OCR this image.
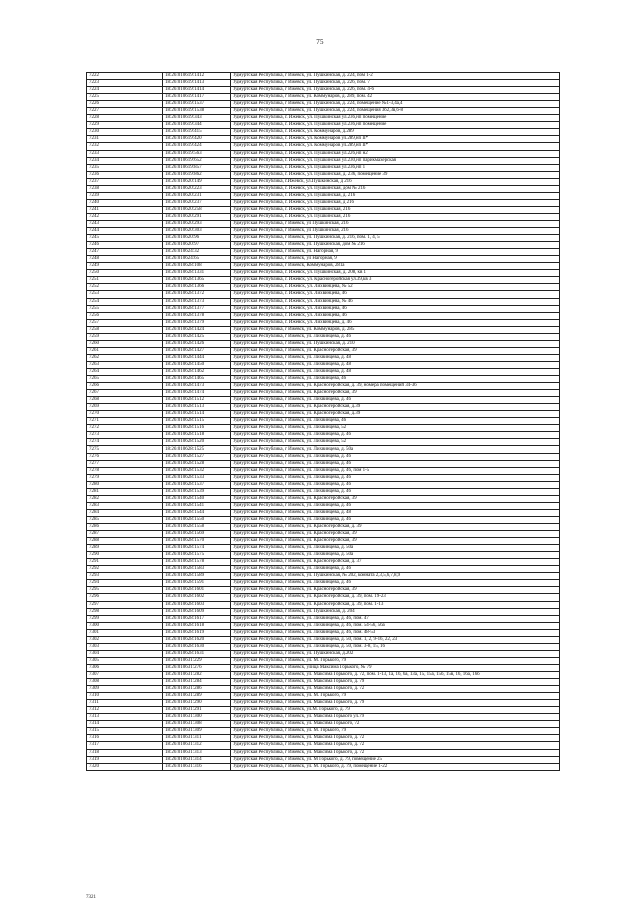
75
7222	18:26:010619:1412	Удмуртская Республика, г Ижевск, ул. Пушкинская, д. 224, пом 1-2
7223	18:26:010619:1413	Удмуртская Республика, г Ижевск, ул. Пушкинская, д. 226, пом. 7
7224	18:26:010619:1414	Удмуртская Республика, г Ижевск, ул. Пушкинская, д. 226, пом. 4-6
7225	18:26:010619:1417	Удмуртская Республика, г Ижевск, ул. Коммунаров, д. 289, пом. 42
7226	18:26:010619:1537	Удмуртская Республика, г Ижевск, ул. Пушкинская, д. 224, помещение №1-3,4а,4
7227	18:26:010619:1538	Удмуртская Республика, г Ижевск, ул. Пушкинская, д. 224, помещения 3б2,3в,6-8
7228	18:26:010619:343	Удмуртская Республика, г. Ижевск, ул. Пушкинская ул.236,нп помещение
7229	18:26:010619:344	Удмуртская Республика, г. Ижевск, ул. Пушкинская ул.236,нп помещение
7230	18:26:010619:415	Удмуртская Республика, г. Ижевск, ул. Коммунаров, д.289
7231	18:26:010619:420	Удмуртская Республика, г. Ижевск, ул. Коммунаров ул.289,нп II*
7232	18:26:010619:424	Удмуртская Республика, г. Ижевск, ул. Коммунаров ул.289,нп II*
7233	18:26:010619:563	Удмуртская Республика, г. Ижевск, ул. Пушкинская ул.226,нп н2
7234	18:26:010619:652	Удмуртская Республика, г. Ижевск, ул. Пушкинская ул.230,нп парикмахерская
7235	18:26:010619:857	Удмуртская Республика, г. Ижевск, ул. Пушкинская ул.236,нп 1
7236	18:26:010619:862	Удмуртская Республика, г. Ижевск, ул. Пушкинская, д. 236, помещение 39
7237	18:26:010620:149	Удмуртская Республика, г.Ижевск, ул.Пушкинская, д 216
7238	18:26:010620:223	Удмуртская Республика, г. Ижевск, ул. Пушкинская, дом № 216
7239	18:26:010620:231	Удмуртская Республика, г. Ижевск, ул. Пушкинская, д. 216
7240	18:26:010620:237	Удмуртская Республика, г. Ижевск, ул. Пушкинская, д 216
7241	18:26:010620:258	Удмуртская Республика, г. Ижевск, ул. Пушкинская, 216
7242	18:26:010620:291	Удмуртская Республика, г. Ижевск, ул. Пушкинская, 216
7243	18:26:010620:293	Удмуртская Республика, г Ижевск, ул Пушкинская, 216
7244	18:26:010620:303	Удмуртская Республика, г Ижевск, ул Пушкинская, 216
7245	18:26:010620:96	Удмуртская Республика, г Ижевск, ул. Пушкинская, д. 216, пом. 1, 4, 5
7246	18:26:010620:97	Удмуртская Республика, г Ижевск, ул. Пушкинская, дом № 216
7247	18:26:010624:32	Удмуртская Республика, г Ижевск, ул. Нагорная, 9
7248	18:26:010624:65	Удмуртская Республика, г Ижевск, ул Нагорная, 9
7249	18:26:010628:108	Удмуртская Республика, г Ижевск, Коммунаров, 281а
7250	18:26:010628:1331	Удмуртская Республика, г. Ижевск, ул. Пушкинская, д. 208, кв 1
7251	18:26:010628:1365	Удмуртская Республика, г. Ижевск, ул. Красногеройская ул.39,кв 3
7252	18:26:010628:1366	Удмуртская Республика, г. Ижевск, ул. Лихвинцева, № 52
7253	18:26:010628:1372	Удмуртская Республика, г. Ижевск, ул. Лихвинцева, 46
7254	18:26:010628:1373	Удмуртская Республика, г. Ижевск, ул. Лихвинцева, № 46
7255	18:26:010628:1377	Удмуртская Республика, г. Ижевск, ул. Лихвинцева, 46
7256	18:26:010628:1378	Удмуртская Республика, г. Ижевск, ул. Лихвинцева, 46
7257	18:26:010628:1379	Удмуртская Республика, г. Ижевск, ул. Лихвинцева, д. 46
7258	18:26:010628:1424	Удмуртская Республика, г Ижевск, ул. Коммунаров, д. 285
7259	18:26:010628:1425	Удмуртская Республика, г Ижевск, ул. Лихвинцева, д. 46
7260	18:26:010628:1426	Удмуртская Республика, г Ижевск, ул. Пушкинская, д. 210
7261	18:26:010628:1427	Удмуртская Республика, г Ижевск, ул. Красногеройская, 39
7262	18:26:010628:1444	Удмуртская Республика, г Ижевск, ул. Лихвинцева, д. 48
7263	18:26:010628:1450	Удмуртская Республика, г Ижевск, ул. Лихвинцева, д. 48
7264	18:26:010628:1462	Удмуртская Республика, г Ижевск, ул. Лихвинцева, д. 48
7265	18:26:010628:1465	Удмуртская Республика, г Ижевск, ул. Лихвинцева, 46
7266	18:26:010628:1473	Удмуртская Республика, г Ижевск, ул. Красногеройская, д. 39, номера помещений 34-36
7267	18:26:010628:1474	Удмуртская Республика, г Ижевск, ул. Красногеройская, 39
7268	18:26:010628:1512	Удмуртская Республика, г Ижевск, ул. Лихвинцева, д. 46
7269	18:26:010628:1513	Удмуртская Республика, г Ижевск, ул. Красногеройская, д.39
7270	18:26:010628:1514	Удмуртская Республика, г Ижевск, ул. Красногеройская, д.39
7271	18:26:010628:1515	Удмуртская Республика, г Ижевск, ул. Лихвинцева, 46
7272	18:26:010628:1516	Удмуртская Республика, г Ижевск, ул. Лихвинцева, 52
7273	18:26:010628:1518	Удмуртская Республика, г Ижевск, ул. Лихвинцева, д. 46
7274	18:26:010628:1520	Удмуртская Республика, г Ижевск, ул. Лихвинцева, 52
7275	18:26:010628:1525	Удмуртская Республика, г Ижевск, ул. Лихвинцева, д. 50а
7276	18:26:010628:1527	Удмуртская Республика, г Ижевск, ул. Лихвинцева, д. 46
7277	18:26:010628:1528	Удмуртская Республика, г Ижевск, ул. Лихвинцева, д. 46
7278	18:26:010628:1532	Удмуртская Республика, г Ижевск, ул. Лихвинцева, д. 46, пом 1-5
7279	18:26:010628:1533	Удмуртская Республика, г Ижевск, ул. Лихвинцева, д. 46
7280	18:26:010628:1537	Удмуртская Республика, г Ижевск, ул. Лихвинцева, д. 46
7281	18:26:010628:1539	Удмуртская Республика, г Ижевск, ул. Лихвинцева, д. 46
7282	18:26:010628:1540	Удмуртская Республика, г Ижевск, ул. Красногеройская, 39
7283	18:26:010628:1541	Удмуртская Республика, г Ижевск, ул. Лихвинцева, д. 46
7284	18:26:010628:1544	Удмуртская Республика, г Ижевск, ул. Лихвинцева, д. 48
7285	18:26:010628:1550	Удмуртская Республика, г Ижевск, ул. Лихвинцева, д. 46
7286	18:26:010628:1558	Удмуртская Республика, г Ижевск, ул. Красногеройская, д. 39
7287	18:26:010628:1569	Удмуртская Республика, г Ижевск, ул. Красногеройская, 39
7288	18:26:010628:1570	Удмуртская Республика, г Ижевск, ул. Красногеройская, 39
7289	18:26:010628:1574	Удмуртская Республика, г Ижевск, ул. Лихвинцева, д. 50а
7290	18:26:010628:1575	Удмуртская Республика, г Ижевск, ул. Лихвинцева, д. 50а
7291	18:26:010628:1578	Удмуртская Республика, г Ижевск, ул. Красногеройская, д. 37
7292	18:26:010628:1583	Удмуртская Республика, г Ижевск, ул. Лихвинцева, д. 46
7293	18:26:010628:1589	Удмуртская Республика, г Ижевск, ул. Пушкинская, № 202, комната 2,3,5,6,7,8,9
7294	18:26:010628:1591	Удмуртская Республика, г Ижевск, ул. Лихвинцева, д. 46
7295	18:26:010628:1601	Удмуртская Республика, г Ижевск, ул. Красногеройская, 39
7296	18:26:010628:1602	Удмуртская Республика, г Ижевск, ул. Красногеройская, д. 39, пом. 19-23
7297	18:26:010628:1603	Удмуртская Республика, г Ижевск, ул. Красногеройская, д. 39, пом. 1-13
7298	18:26:010628:1609	Удмуртская Республика, г Ижевск, ул. Пушкинская, д. 204
7299	18:26:010628:1617	Удмуртская Республика, г Ижевск, ул. Лихвинцева, д. 46, пом. 47
7300	18:26:010628:1618	Удмуртская Республика, г Ижевск, ул. Лихвинцева, д. 46, пом. 54-56, 56а
7301	18:26:010628:1619	Удмуртская Республика, г Ижевск, ул. Лихвинцева, д. 46, пом. 48-53
7302	18:26:010628:1620	Удмуртская Республика, г Ижевск, ул. Лихвинцева, д. 50, пом. 1, 2, 9-16, 22, 23
7303	18:26:010628:1630	Удмуртская Республика, г Ижевск, ул. Лихвинцева, д. 50, пом. 3-8, 15, 16
7304	18:26:010628:1631	Удмуртская Республика, г Ижевск, ул. Пушкинская, д.202
7305	18:26:010631:229	Удмуртская Республика, г Ижевск, ул. М. Горького, 79
7306	18:26:010631:276	Удмуртская Республика, г Ижевск, улица Максима Горького, № 79
7307	18:26:010631:282	Удмуртская Республика, г Ижевск, ул. Максима Горького, д. 72, пом. 1-13, 1а, 16, 6а, 13а, 15, 15а, 15б, 15в, 16, 16а, 16б
7308	18:26:010631:284	Удмуртская Республика, г Ижевск, ул. Максима Горького, д. 79
7309	18:26:010631:286	Удмуртская Республика, г Ижевск, ул. Максима Горького, д. 72
7310	18:26:010631:289	Удмуртская Республика, г Ижевск, ул. М. Горького, 79
7311	18:26:010631:290	Удмуртская Республика, г Ижевск, ул. Максима Горького, д. 79
7312	18:26:010631:291	Удмуртская Республика, г Ижевск, ул.М. Горького, д. 79
7313	18:26:010631:300	Удмуртская Республика, г Ижевск, ул. Максима Горького ул.79
7314	18:26:010631:308	Удмуртская Республика, г Ижевск, ул. Максима Горького, 72
7315	18:26:010631:309	Удмуртская Республика, г Ижевск, ул. М. Горького, 79
7316	18:26:010631:311	Удмуртская Республика, г Ижевск, ул. Максима Горького, д. 72
7317	18:26:010631:312	Удмуртская Республика, г Ижевск, ул. Максима Горького, д. 72
7318	18:26:010631:313	Удмуртская Республика, г Ижевск, ул. Максима Горького, д. 72
7319	18:26:010631:314	Удмуртская Республика, г Ижевск, ул. М Горького, д. 79, помещение 25
7320	18:26:010631:316	Удмуртская Республика, г Ижевск, ул. М. Горького, д. 79, помещение 1-22
7321
